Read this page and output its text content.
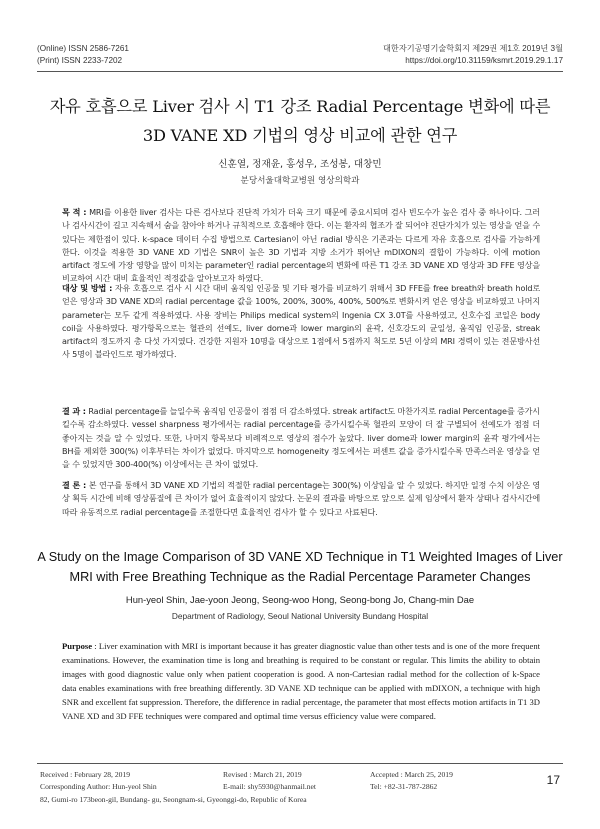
(Online) ISSN 2586-7261
(Print) ISSN 2233-7202
대한자기공명기술학회지 제29권 제1호 2019년 3월
https://doi.org/10.31159/ksmrt.2019.29.1.17
자유 호흡으로 Liver 검사 시 T1 강조 Radial Percentage 변화에 따른
3D VANE XD 기법의 영상 비교에 관한 연구
신훈열, 정재윤, 홍성우, 조성봉, 대창민
분당서울대학교병원 영상의학과
목 적 : MRI를 이용한 liver 검사는 다른 검사보다 진단적 가치가 더욱 크기 때문에 중요시되며 검사 빈도수가 높은 검사 중 하나이다. 그러나 검사시간이 길고 지속해서 숨을 참아야 하거나 규칙적으로 호흡해야 한다. 이는 환자의 협조가 잘 되어야 진단가치가 있는 영상을 얻을 수 있다는 제한점이 있다. k-space 데이터 수집 방법으로 Cartesian이 아닌 radial 방식은 기존과는 다르게 자유 호흡으로 검사를 가능하게 한다. 이것을 적용한 3D VANE XD 기법은 SNR이 높은 3D 기법과 지방 소거가 뛰어난 mDIXON의 결합이 가능하다. 이에 motion artifact 정도에 가장 영향을 많이 미치는 parameter인 radial percentage의 변화에 따른 T1 강조 3D VANE XD 영상과 3D FFE 영상을 비교하여 시간 대비 효율적인 적정값을 알아보고자 하였다.
대상 및 방법 : 자유 호흡으로 검사 시 시간 대비 움직임 인공물 및 기타 평가를 비교하기 위해서 3D FFE를 free breath와 breath hold로 얻은 영상과 3D VANE XD의 radial percentage 값을 100%, 200%, 300%, 400%, 500%로 변화시켜 얻은 영상을 비교하였고 나머지 parameter는 모두 같게 적용하였다. 사용 장비는 Philips medical system의 Ingenia CX 3.0T를 사용하였고, 신호수집 코일은 body coil을 사용하였다. 평가항목으로는 혈관의 선예도, liver dome과 lower margin의 윤곽, 신호강도의 균일성, 움직임 인공물, streak artifact의 정도까지 총 다섯 가지였다. 건강한 지원자 10명을 대상으로 1점에서 5점까지 척도로 5년 이상의 MRI 경력이 있는 전문방사선사 5명이 블라인드로 평가하였다.
결 과 : Radial percentage를 늘일수록 움직임 인공물이 점점 더 감소하였다. streak artifact도 마찬가지로 radial Percentage를 증가시킬수록 감소하였다. vessel sharpness 평가에서는 radial percentage를 증가시킬수록 혈관의 모양이 더 잘 구별되어 선예도가 점점 더 좋아지는 것을 알 수 있었다. 또한, 나머지 항목보다 비례적으로 영상의 점수가 높았다. liver dome과 lower margin의 윤곽 평가에서는 BH를 제외한 300(%) 이후부터는 차이가 없었다. 마지막으로 homogeneity 정도에서는 퍼센트 값을 증가시킬수록 만족스러운 영상을 얻을 수 있었지만 300-400(%) 이상에서는 큰 차이 없었다.
결 론 : 본 연구를 통해서 3D VANE XD 기법의 적절한 radial percentage는 300(%) 이상임을 알 수 있었다. 하지만 일정 수치 이상은 영상 획득 시간에 비해 영상품질에 큰 차이가 없어 효율적이지 않았다. 논문의 결과를 바탕으로 앞으로 실제 임상에서 환자 상태나 검사시간에 따라 유동적으로 radial percentage를 조절한다면 효율적인 검사가 할 수 있다고 사료된다.
A Study on the Image Comparison of 3D VANE XD Technique in T1 Weighted Images of Liver
MRI with Free Breathing Technique as the Radial Percentage Parameter Changes
Hun-yeol Shin, Jae-yoon Jeong, Seong-woo Hong, Seong-bong Jo, Chang-min Dae
Department of Radiology, Seoul National University Bundang Hospital
Purpose : Liver examination with MRI is important because it has greater diagnostic value than other tests and is one of the more frequent examinations. However, the examination time is long and breathing is required to be constant or regular. This limits the ability to obtain images with good diagnostic value only when patient cooperation is good. A non-Cartesian radial method for the collection of k-Space data enables examinations with free breathing differently. 3D VANE XD technique can be applied with mDIXON, a technique with high SNR and excellent fat suppression. Therefore, the difference in radial percentage, the parameter that most effects motion artifacts in T1 3D VANE XD and 3D FFE techniques were compared and optimal time versus efficiency value were compared.
Received : February 28, 2019	Revised : March 21, 2019	Accepted : March 25, 2019
Corresponding Author: Hun-yeol Shin	E-mail: shy5930@hanmail.net	Tel: +82-31-787-2862
82, Gumi-ro 173beon-gil, Bundang- gu, Seongnam-si, Gyeonggi-do, Republic of Korea
17
